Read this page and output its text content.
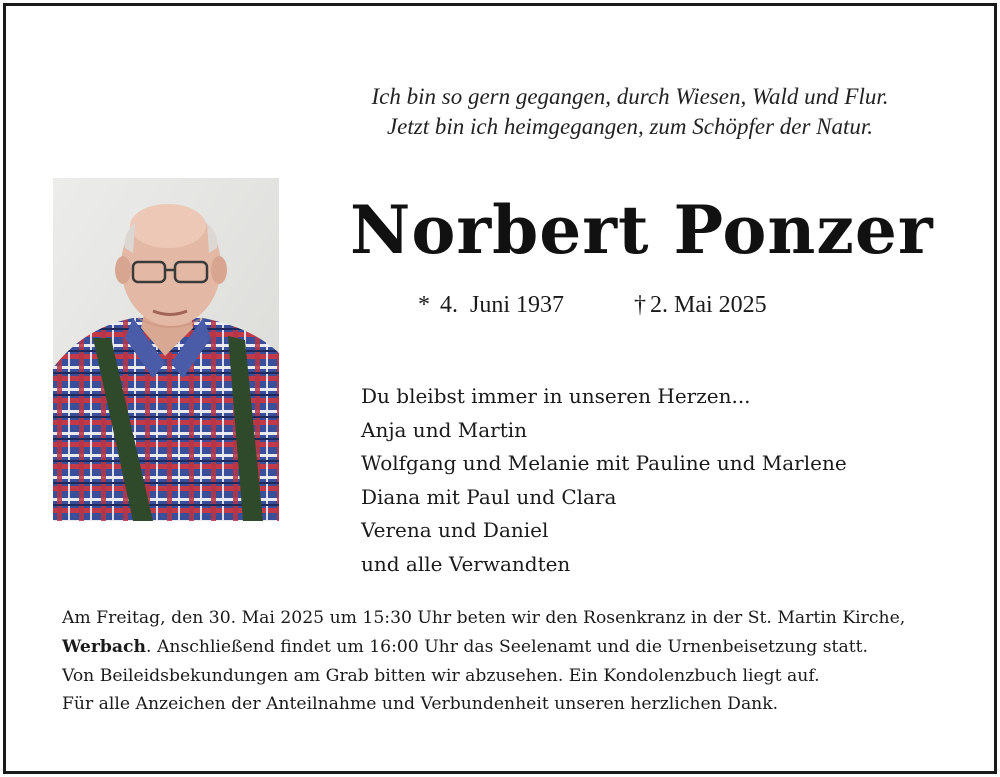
Ich bin so gern gegangen, durch Wiesen, Wald und Flur.
Jetzt bin ich heimgegangen, zum Schöpfer der Natur.
Norbert Ponzer
* 4.  Juni 1937	† 2. Mai 2025
Du bleibst immer in unseren Herzen...
Anja und Martin
Wolfgang und Melanie mit Pauline und Marlene
Diana mit Paul und Clara
Verena und Daniel
und alle Verwandten
Am Freitag, den 30. Mai 2025 um 15:30 Uhr beten wir den Rosenkranz in der St. Martin Kirche,
Werbach. Anschließend findet um 16:00 Uhr das Seelenamt und die Urnenbeisetzung statt.
Von Beileidsbekundungen am Grab bitten wir abzusehen. Ein Kondolenzbuch liegt auf.
Für alle Anzeichen der Anteilnahme und Verbundenheit unseren herzlichen Dank.
